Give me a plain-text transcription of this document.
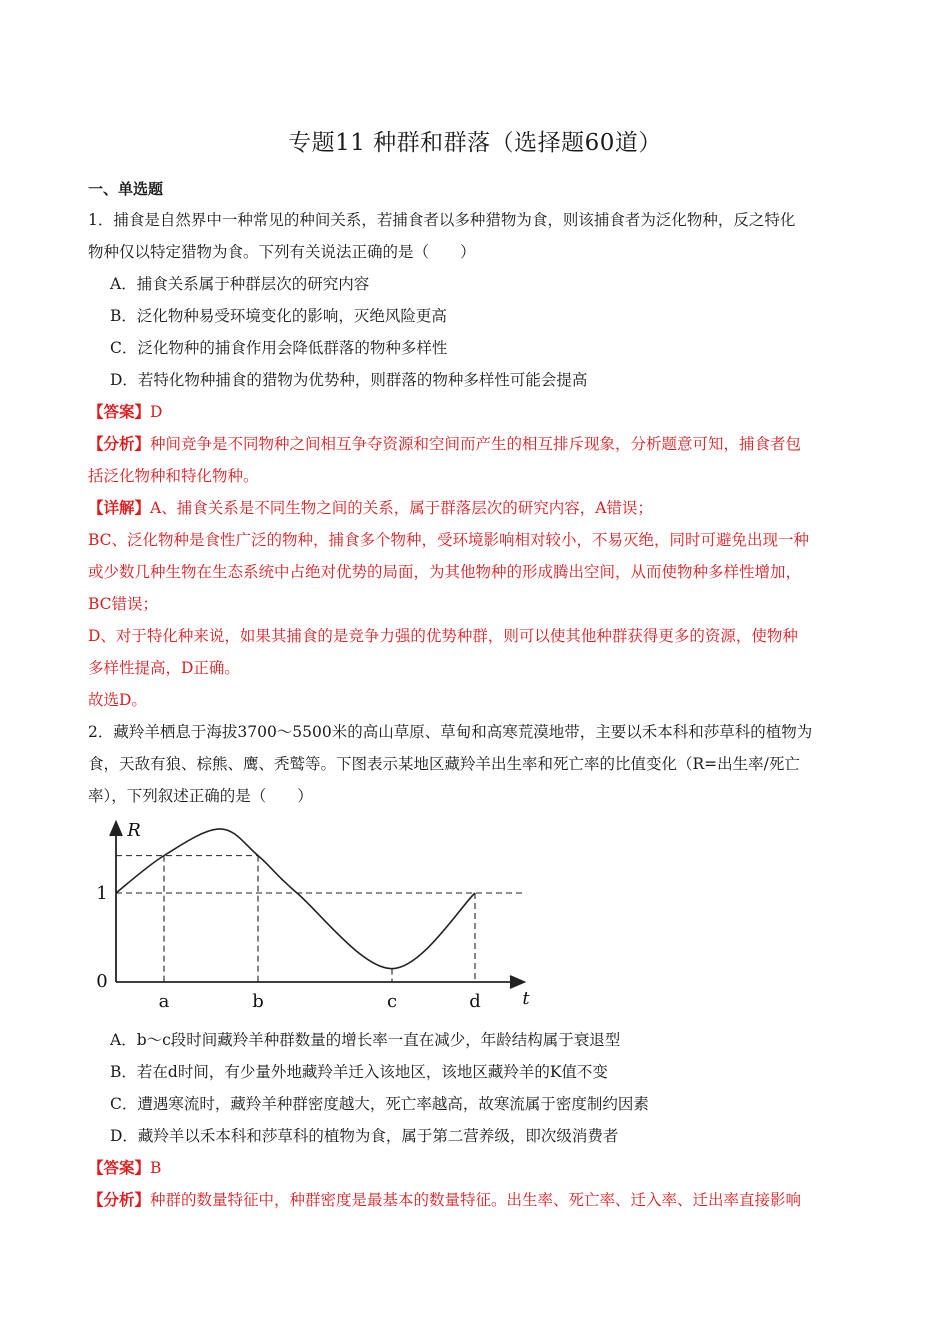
专题11 种群和群落（选择题60道）
一、单选题
1．捕食是自然界中一种常见的种间关系，若捕食者以多种猎物为食，则该捕食者为泛化物种，反之特化
物种仅以特定猎物为食。下列有关说法正确的是（　　）
A．捕食关系属于种群层次的研究内容
B．泛化物种易受环境变化的影响，灭绝风险更高
C．泛化物种的捕食作用会降低群落的物种多样性
D．若特化物种捕食的猎物为优势种，则群落的物种多样性可能会提高
【答案】D
【分析】种间竞争是不同物种之间相互争夺资源和空间而产生的相互排斥现象，分析题意可知，捕食者包
括泛化物种和特化物种。
【详解】A、捕食关系是不同生物之间的关系，属于群落层次的研究内容，A错误；
BC、泛化物种是食性广泛的物种，捕食多个物种，受环境影响相对较小，不易灭绝，同时可避免出现一种
或少数几种生物在生态系统中占绝对优势的局面，为其他物种的形成腾出空间，从而使物种多样性增加，
BC错误；
D、对于特化种来说，如果其捕食的是竞争力强的优势种群，则可以使其他种群获得更多的资源，使物种
多样性提高，D正确。
故选D。
2．藏羚羊栖息于海拔3700～5500米的高山草原、草甸和高寒荒漠地带，主要以禾本科和莎草科的植物为
食，天敌有狼、棕熊、鹰、秃鹫等。下图表示某地区藏羚羊出生率和死亡率的比值变化（R=出生率/死亡
率），下列叙述正确的是（　　）
R
t
0
1
a	b	c	d
A．b～c段时间藏羚羊种群数量的增长率一直在减少，年龄结构属于衰退型
B．若在d时间，有少量外地藏羚羊迁入该地区，该地区藏羚羊的K值不变
C．遭遇寒流时，藏羚羊种群密度越大，死亡率越高，故寒流属于密度制约因素
D．藏羚羊以禾本科和莎草科的植物为食，属于第二营养级，即次级消费者
【答案】B
【分析】种群的数量特征中，种群密度是最基本的数量特征。出生率、死亡率、迁入率、迁出率直接影响
